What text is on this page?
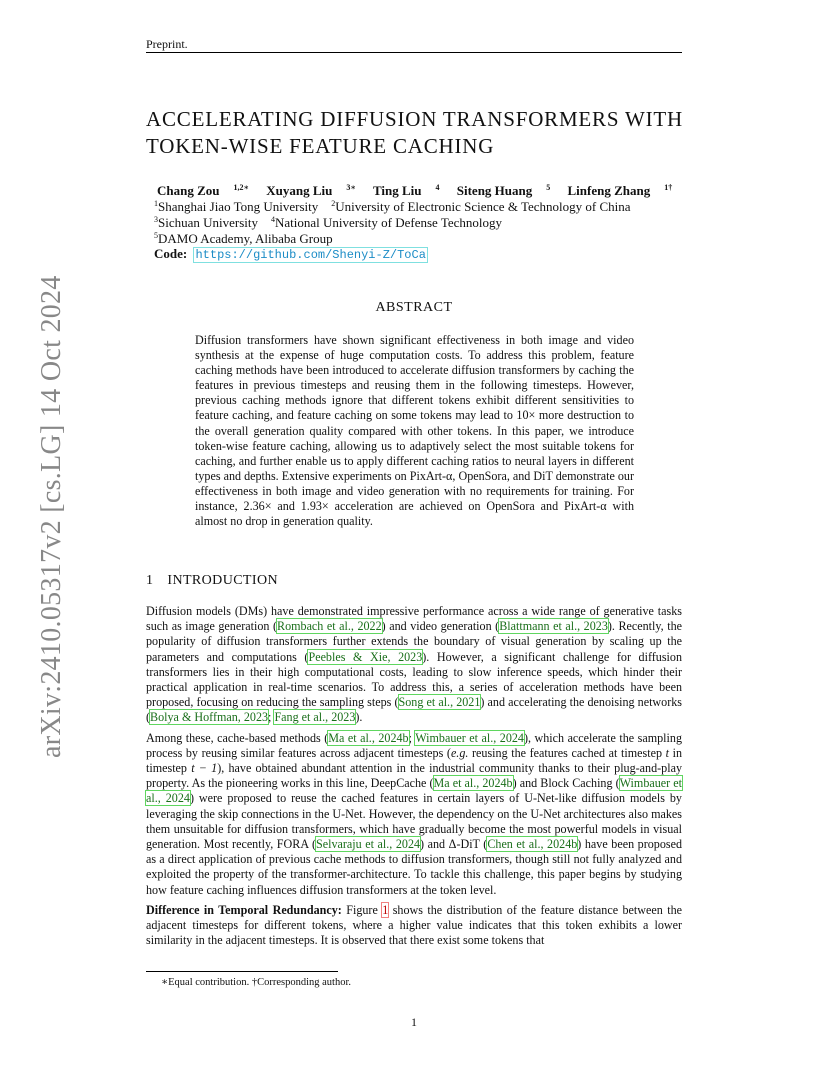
Preprint.
ACCELERATING DIFFUSION TRANSFORMERS WITH
TOKEN-WISE FEATURE CACHING
Chang Zou $^{1,2∗}$ Xuyang Liu $^{3∗}$ Ting Liu $^4$ Siteng Huang $^5$ Linfeng Zhang $^{1\dagger}$
$^1$Shanghai Jiao Tong University $^2$University of Electronic Science & Technology of China
$^3$Sichuan University $^4$National University of Defense Technology
$^5$DAMO Academy, Alibaba Group
Code: https://github.com/Shenyi-Z/ToCa
ABSTRACT
Diffusion transformers have shown significant effectiveness in both image and video synthesis at the expense of huge computation costs. To address this problem, feature caching methods have been introduced to accelerate diffusion transformers by caching the features in previous timesteps and reusing them in the following timesteps. However, previous caching methods ignore that different tokens exhibit different sensitivities to feature caching, and feature caching on some tokens may lead to 10× more destruction to the overall generation quality compared with other tokens. In this paper, we introduce token-wise feature caching, allowing us to adaptively select the most suitable tokens for caching, and further enable us to apply different caching ratios to neural layers in different types and depths. Extensive experiments on PixArt-α, OpenSora, and DiT demonstrate our effectiveness in both image and video generation with no requirements for training. For instance, 2.36× and 1.93× acceleration are achieved on OpenSora and PixArt-α with almost no drop in generation quality.
1 INTRODUCTION

Diffusion models (DMs) have demonstrated impressive performance across a wide range of generative tasks such as image generation (Rombach et al., 2022) and video generation (Blattmann et al., 2023). Recently, the popularity of diffusion transformers further extends the boundary of visual generation by scaling up the parameters and computations (Peebles & Xie, 2023). However, a significant challenge for diffusion transformers lies in their high computational costs, leading to slow inference speeds, which hinder their practical application in real-time scenarios. To address this, a series of acceleration methods have been proposed, focusing on reducing the sampling steps (Song et al., 2021) and accelerating the denoising networks (Bolya & Hoffman, 2023; Fang et al., 2023).

Among these, cache-based methods (Ma et al., 2024b; Wimbauer et al., 2024), which accelerate the sampling process by reusing similar features across adjacent timesteps (e.g. reusing the features cached at timestep t in timestep t − 1), have obtained abundant attention in the industrial community thanks to their plug-and-play property. As the pioneering works in this line, DeepCache (Ma et al., 2024b) and Block Caching (Wimbauer et al., 2024) were proposed to reuse the cached features in certain layers of U-Net-like diffusion models by leveraging the skip connections in the U-Net. However, the dependency on the U-Net architectures also makes them unsuitable for diffusion transformers, which have gradually become the most powerful models in visual generation. Most recently, FORA (Selvaraju et al., 2024) and Δ-DiT (Chen et al., 2024b) have been proposed as a direct application of previous cache methods to diffusion transformers, though still not fully analyzed and exploited the property of the transformer-architecture. To tackle this challenge, this paper begins by studying how feature caching influences diffusion transformers at the token level.

Difference in Temporal Redundancy: Figure 1 shows the distribution of the feature distance between the adjacent timesteps for different tokens, where a higher value indicates that this token exhibits a lower similarity in the adjacent timesteps. It is observed that there exist some tokens that

∗Equal contribution. †Corresponding author.
1
arXiv:2410.05317v2 [cs.LG] 14 Oct 2024
